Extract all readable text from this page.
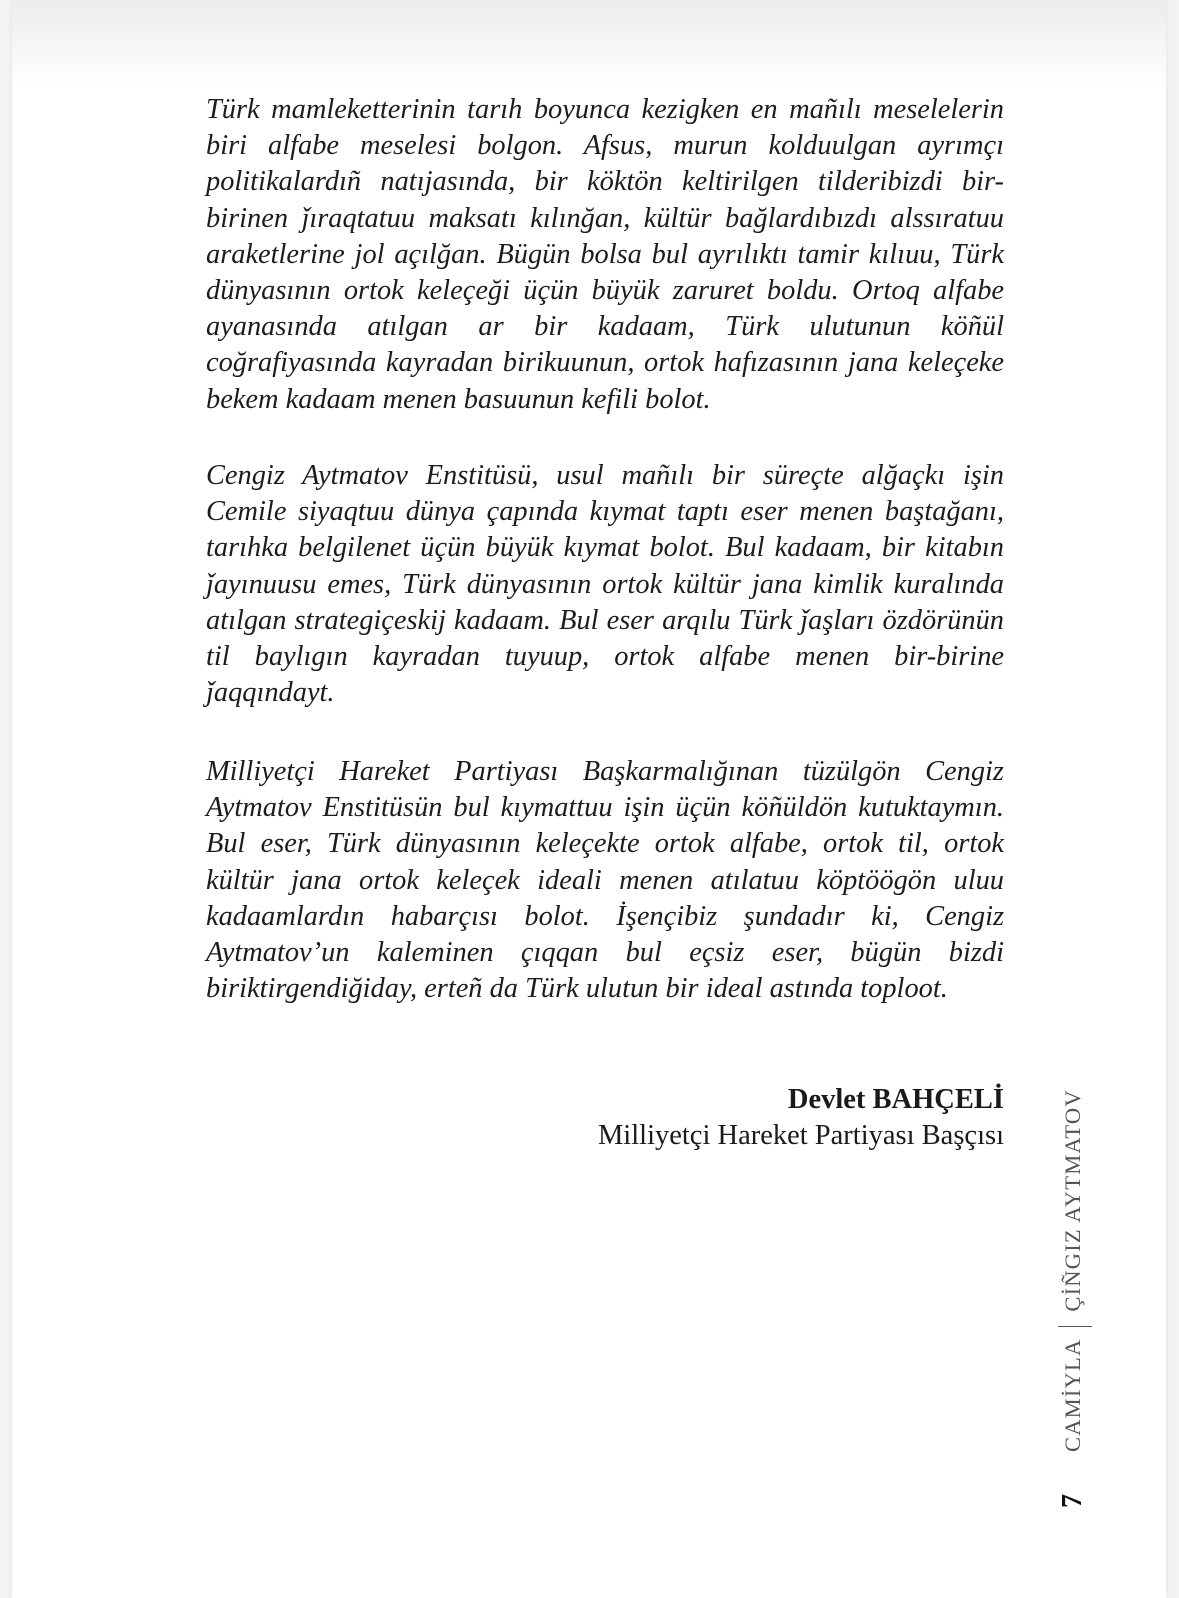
Türk mamleketterinin tarıh boyunca kezigken en mañılı meselelerin biri alfabe meselesi bolgon. Afsus, murun kolduulgan ayrımçı politikalardıñ natıjasında, bir köktön keltirilgen tilderibizdi bir-birinen ǰıraqtatuu maksatı kılınğan, kültür bağlardıbızdı alssıratuu araketlerine jol açılğan. Bügün bolsa bul ayrılıktı tamir kılıuu, Türk dünyasının ortok keleçeği üçün büyük zaruret boldu. Ortoq alfabe ayanasında atılgan ar bir kadaam, Türk ulutunun köñül coğrafiyasında kayradan birikuunun, ortok hafızasının jana keleçeke bekem kadaam menen basuunun kefili bolot.

Cengiz Aytmatov Enstitüsü, usul mañılı bir süreçte alğaçkı işin Cemile siyaqtuu dünya çapında kıymat taptı eser menen baştağanı, tarıhka belgilenet üçün büyük kıymat bolot. Bul kadaam, bir kitabın ǰayınuusu emes, Türk dünyasının ortok kültür jana kimlik kuralında atılgan strategiçeskij kadaam. Bul eser arqılu Türk ǰaşları özdörünün til baylıgın kayradan tuyuup, ortok alfabe menen bir-birine ǰaqqındayt.

Milliyetçi Hareket Partiyası Başkarmalığınan tüzülgön Cengiz Aytmatov Enstitüsün bul kıymattuu işin üçün köñüldön kutuktaymın. Bul eser, Türk dünyasının keleçekte ortok alfabe, ortok til, ortok kültür jana ortok keleçek ideali menen atılatuu köptöögön uluu kadaamlardın habarçısı bolot. İşençibiz şundadır ki, Cengiz Aytmatov’un kaleminen çıqqan bul eçsiz eser, bügün bizdi biriktirgendiğiday, erteñ da Türk ulutun bir ideal astında toploot.

Devlet BAHÇELİ
Milliyetçi Hareket Partiyası Başçısı
CAMİYLAÇİÑGIZ AYTMATOV
7
